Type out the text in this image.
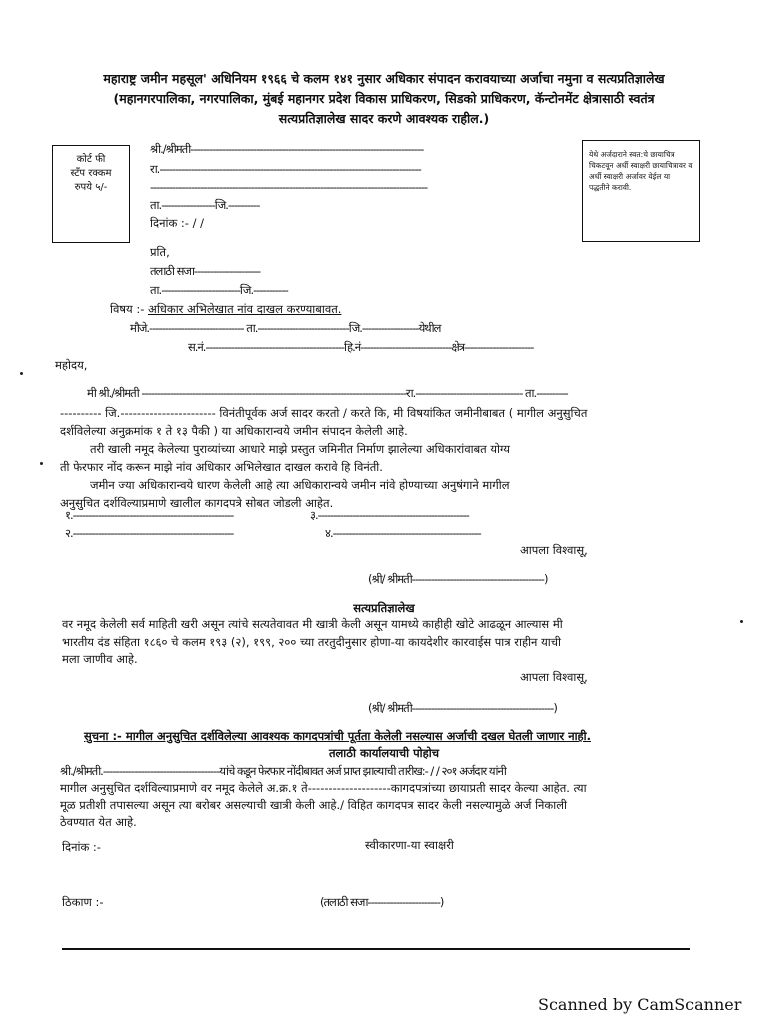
महाराष्ट्र जमीन महसूल' अधिनियम १९६६ चे कलम १४१ नुसार अधिकार संपादन करावयाच्या अर्जाचा नमुना व सत्यप्रतिज्ञालेख
(महानगरपालिका, नगरपालिका, मुंबई महानगर प्रदेश विकास प्राधिकरण, सिडको प्राधिकरण, कॅन्टोनमेंट क्षेत्रासाठी स्वतंत्र
सत्यप्रतिज्ञालेख सादर करणे आवश्यक राहील.)
कोर्ट फी
स्टॅंप रक्कम
रुपये ५/-
येथे अर्जदाराने स्वत:चे छायाचित्र चिकटवून अर्धी स्वाक्षरी छायाचित्रावर व अर्धी स्वाक्षरी अर्जावर येईल या पद्धतीने करावी.
श्री./श्रीमती--------------------------------------------------------------------------
रा.-----------------------------------------------------------------------------------
----------------------------------------------------------------------------------------
ता.-----------------जि.----------
दिनांक :- / /
प्रति,
तलाठी सजा---------------------
ता.-------------------------जि.-----------
विषय :- अधिकार अभिलेखात नांव दाखल करण्याबावत.
मौजे.------------------------------ ता.-----------------------------जि.------------------येथील
स.नं.--------------------------------------------हि.नं-----------------------------क्षेत्र----------------------
महोदय,
मी श्री./श्रीमती ------------------------------------------------------------------------------------रा.---------------------------------- ता.----------
---------- जि.----------------------- विनंतीपूर्वक अर्ज सादर करतो / करते कि, मी विषयांकित जमीनीबाबत ( मागील अनुसुचित
दर्शविलेल्या अनुक्रमांक १ ते १३ पैकी ) या अधिकारान्वये जमीन संपादन केलेली आहे.
तरी खाली नमूद केलेल्या पुराव्यांच्या आधारे माझे प्रस्तुत जमिनीत निर्माण झालेल्या अधिकारांवाबत योग्य
ती फेरफार नोंद करून माझे नांव अधिकार अभिलेखात दाखल करावे हि विनंती.
जमीन ज्या अधिकारान्वये धारण केलेली आहे त्या अधिकारान्वये जमीन नांवे होण्याच्या अनुषंगाने मागील
अनुसुचित दर्शविल्याप्रमाणे खालील कागदपत्रे सोबत जोडली आहेत.
१.---------------------------------------------------	३.------------------------------------------------
२.---------------------------------------------------	४.-----------------------------------------------
आपला विश्वासू,
(श्री/ श्रीमती------------------------------------------)
सत्यप्रतिज्ञालेख
वर नमूद केलेली सर्व माहिती खरी असून त्यांचे सत्यतेवावत मी खात्री केली असून यामध्ये काहीही खोटे आढळून आल्यास मी
भारतीय दंड संहिता १८६० चे कलम १९३ (२), १९९, २०० च्या तरतुदीनुसार होणा-या कायदेशीर कारवाईस पात्र राहीन याची
मला जाणीव आहे.
आपला विश्वासू,
(श्री/ श्रीमती---------------------------------------------)
सुचना :- मागील अनुसुचित दर्शविलेल्या आवश्यक कागदपत्रांची पूर्तता केलेली नसल्यास अर्जाची दखल घेतली जाणार नाही.
तलाठी कार्यालयाची पोहोच
श्री./श्रीमती.-------------------------------------यांचे कडून फेरफार नोंदीबावत अर्ज प्राप्त झाल्याची तारीख:- / / २०१ अर्जदार यांनी
मागील अनुसुचित दर्शविल्याप्रमाणे वर नमूद केलेले अ.क्र.१ ते--------------------कागदपत्रांच्या छायाप्रती सादर केल्या आहेत. त्या
मूळ प्रतीशी तपासल्या असून त्या बरोबर असल्याची खात्री केली आहे./ विहित कागदपत्र सादर केली नसल्यामुळे अर्ज निकाली
ठेवण्यात येत आहे.
दिनांक :-	स्वीकारणा-या स्वाक्षरी
ठिकाण :-	(तलाठी सजा-----------------------)
Scanned by CamScanner
